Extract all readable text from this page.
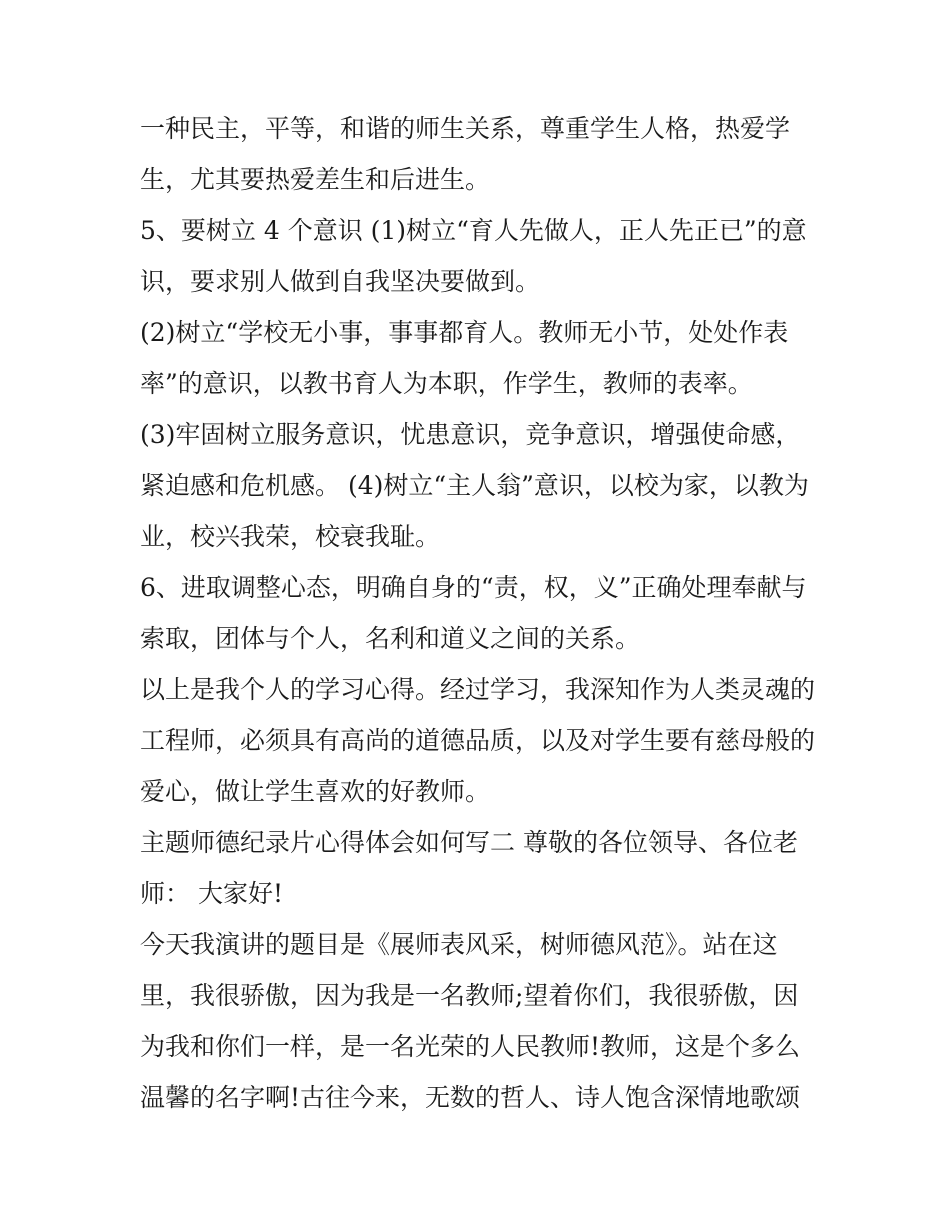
一种民主，平等，和谐的师生关系，尊重学生人格，热爱学
生，尤其要热爱差生和后进生。
5、要树立 4 个意识 (1)树立“育人先做人，正人先正已”的意
识，要求别人做到自我坚决要做到。
(2)树立“学校无小事，事事都育人。教师无小节，处处作表
率”的意识，以教书育人为本职，作学生，教师的表率。
(3)牢固树立服务意识，忧患意识，竞争意识，增强使命感，
紧迫感和危机感。 (4)树立“主人翁”意识，以校为家，以教为
业，校兴我荣，校衰我耻。
6、进取调整心态，明确自身的“责，权，义”正确处理奉献与
索取，团体与个人，名利和道义之间的关系。
以上是我个人的学习心得。经过学习，我深知作为人类灵魂的
工程师，必须具有高尚的道德品质，以及对学生要有慈母般的
爱心，做让学生喜欢的好教师。
主题师德纪录片心得体会如何写二 尊敬的各位领导、各位老
师： 大家好!
今天我演讲的题目是《展师表风采，树师德风范》。站在这
里，我很骄傲，因为我是一名教师;望着你们，我很骄傲，因
为我和你们一样，是一名光荣的人民教师!教师，这是个多么
温馨的名字啊!古往今来，无数的哲人、诗人饱含深情地歌颂
